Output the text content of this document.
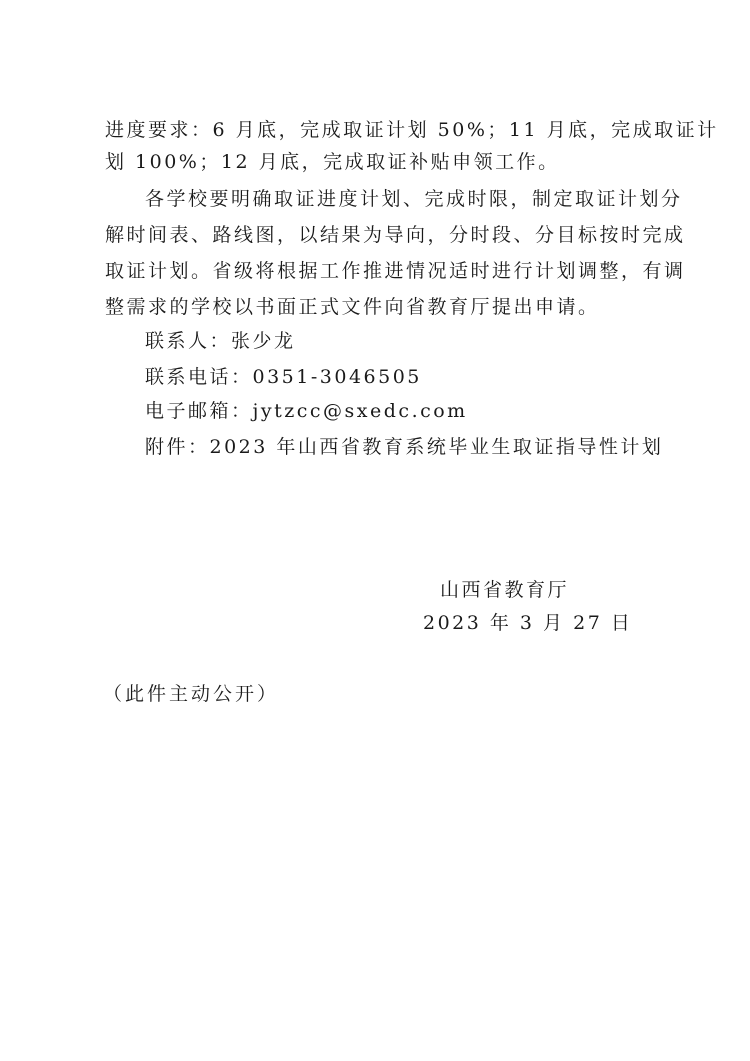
进度要求：6 月底，完成取证计划 50%；11 月底，完成取证计
划 100%；12 月底，完成取证补贴申领工作。
各学校要明确取证进度计划、完成时限，制定取证计划分
解时间表、路线图，以结果为导向，分时段、分目标按时完成
取证计划。省级将根据工作推进情况适时进行计划调整，有调
整需求的学校以书面正式文件向省教育厅提出申请。
联系人：张少龙
联系电话：0351-3046505
电子邮箱：jytzcc@sxedc.com
附件：2023 年山西省教育系统毕业生取证指导性计划
山西省教育厅
2023 年 3 月 27 日
（此件主动公开）
